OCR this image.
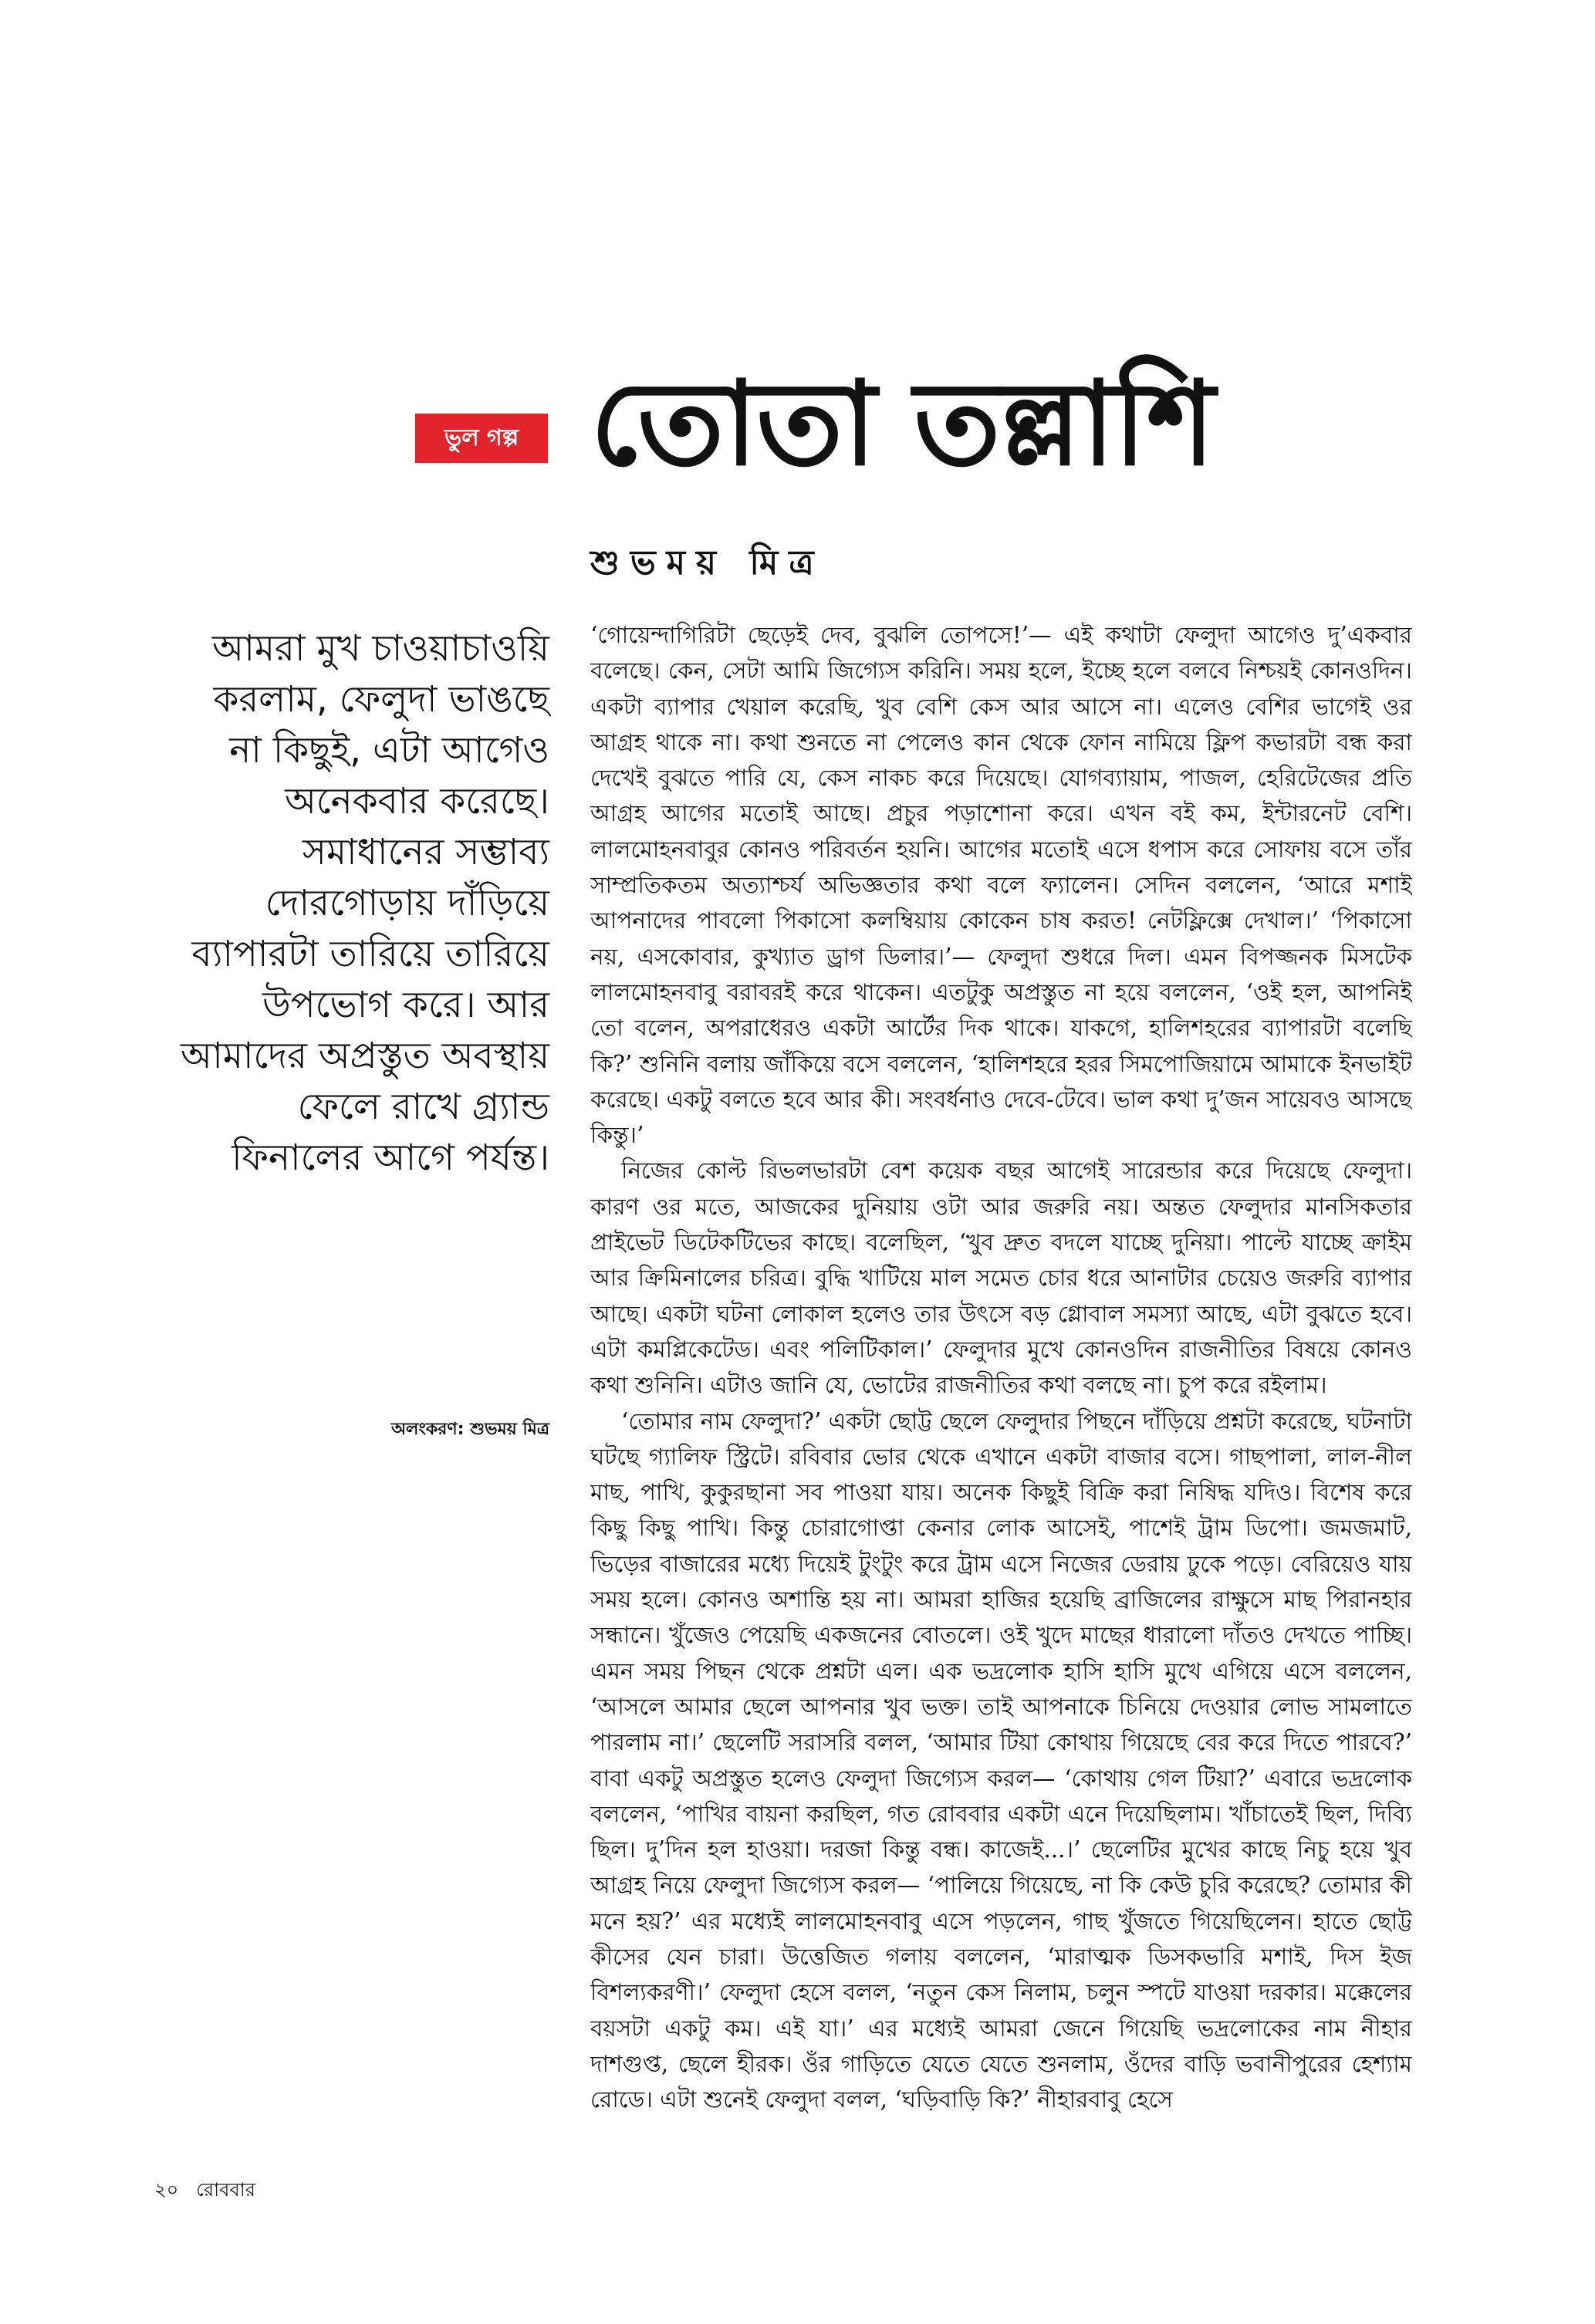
ভুল গল্প তোতা তল্লাশি
শুভময় মিত্র
আমরা মুখ চাওয়াচাওয়ি করলাম, ফেলুদা ভাঙছে না কিছুই, এটা আগেও অনেকবার করেছে। সমাধানের সম্ভাব্য দোরগোড়ায় দাঁড়িয়ে ব্যাপারটা তারিয়ে তারিয়ে উপভোগ করে। আর আমাদের অপ্রস্তুত অবস্থায় ফেলে রাখে গ্র্যান্ড ফিনালের আগে পর্যন্ত।
অলংকরণ: শুভময় মিত্র

‘গোয়েন্দাগিরিটা ছেড়েই দেব, বুঝলি তোপসে!’— এই কথাটা ফেলুদা আগেও দু’একবার বলেছে। কেন, সেটা আমি জিগ্যেস করিনি। সময় হলে, ইচ্ছে হলে বলবে নিশ্চয়ই কোনওদিন। একটা ব্যাপার খেয়াল করেছি, খুব বেশি কেস আর আসে না। এলেও বেশির ভাগেই ওর আগ্রহ থাকে না। কথা শুনতে না পেলেও কান থেকে ফোন নামিয়ে ফ্লিপ কভারটা বন্ধ করা দেখেই বুঝতে পারি যে, কেস নাকচ করে দিয়েছে। যোগব্যায়াম, পাজল, হেরিটেজের প্রতি আগ্রহ আগের মতোই আছে। প্রচুর পড়াশোনা করে। এখন বই কম, ইন্টারনেট বেশি। লালমোহনবাবুর কোনও পরিবর্তন হয়নি। আগের মতোই এসে ধপাস করে সোফায় বসে তাঁর সাম্প্রতিকতম অত্যাশ্চর্য অভিজ্ঞতার কথা বলে ফ্যালেন। সেদিন বললেন, ‘আরে মশাই আপনাদের পাবলো পিকাসো কলম্বিয়ায় কোকেন চাষ করত! নেটফ্লিক্সে দেখাল।’ ‘পিকাসো নয়, এসকোবার, কুখ্যাত ড্রাগ ডিলার।’— ফেলুদা শুধরে দিল। এমন বিপজ্জনক মিসটেক লালমোহনবাবু বরাবরই করে থাকেন। এতটুকু অপ্রস্তুত না হয়ে বললেন, ‘ওই হল, আপনিই তো বলেন, অপরাধেরও একটা আর্টের দিক থাকে। যাকগে, হালিশহরের ব্যাপারটা বলেছি কি?’ শুনিনি বলায় জাঁকিয়ে বসে বললেন, ‘হালিশহরে হরর সিমপোজিয়ামে আমাকে ইনভাইট করেছে। একটু বলতে হবে আর কী। সংবর্ধনাও দেবে-টেবে। ভাল কথা দু’জন সায়েবও আসছে কিন্তু।’

নিজের কোল্ট রিভলভারটা বেশ কয়েক বছর আগেই সারেন্ডার করে দিয়েছে ফেলুদা। কারণ ওর মতে, আজকের দুনিয়ায় ওটা আর জরুরি নয়। অন্তত ফেলুদার মানসিকতার প্রাইভেট ডিটেকটিভের কাছে। বলেছিল, ‘খুব দ্রুত বদলে যাচ্ছে দুনিয়া। পাল্টে যাচ্ছে ক্রাইম আর ক্রিমিনালের চরিত্র। বুদ্ধি খাটিয়ে মাল সমেত চোর ধরে আনাটার চেয়েও জরুরি ব্যাপার আছে। একটা ঘটনা লোকাল হলেও তার উৎসে বড় গ্লোবাল সমস্যা আছে, এটা বুঝতে হবে। এটা কমপ্লিকেটেড। এবং পলিটিকাল।’ ফেলুদার মুখে কোনওদিন রাজনীতির বিষয়ে কোনও কথা শুনিনি। এটাও জানি যে, ভোটের রাজনীতির কথা বলছে না। চুপ করে রইলাম।

‘তোমার নাম ফেলুদা?’ একটা ছোট্ট ছেলে ফেলুদার পিছনে দাঁড়িয়ে প্রশ্নটা করেছে, ঘটনাটা ঘটছে গ্যালিফ স্ট্রিটে। রবিবার ভোর থেকে এখানে একটা বাজার বসে। গাছপালা, লাল-নীল মাছ, পাখি, কুকুরছানা সব পাওয়া যায়। অনেক কিছুই বিক্রি করা নিষিদ্ধ যদিও। বিশেষ করে কিছু কিছু পাখি। কিন্তু চোরাগোপ্তা কেনার লোক আসেই, পাশেই ট্রাম ডিপো। জমজমাট, ভিড়ের বাজারের মধ্যে দিয়েই টুংটুং করে ট্রাম এসে নিজের ডেরায় ঢুকে পড়ে। বেরিয়েও যায় সময় হলে। কোনও অশান্তি হয় না। আমরা হাজির হয়েছি ব্রাজিলের রাক্ষুসে মাছ পিরানহার সন্ধানে। খুঁজেও পেয়েছি একজনের বোতলে। ওই খুদে মাছের ধারালো দাঁতও দেখতে পাচ্ছি। এমন সময় পিছন থেকে প্রশ্নটা এল। এক ভদ্রলোক হাসি হাসি মুখে এগিয়ে এসে বললেন, ‘আসলে আমার ছেলে আপনার খুব ভক্ত। তাই আপনাকে চিনিয়ে দেওয়ার লোভ সামলাতে পারলাম না।’ ছেলেটি সরাসরি বলল, ‘আমার টিয়া কোথায় গিয়েছে বের করে দিতে পারবে?’ বাবা একটু অপ্রস্তুত হলেও ফেলুদা জিগ্যেস করল— ‘কোথায় গেল টিয়া?’ এবারে ভদ্রলোক বললেন, ‘পাখির বায়না করছিল, গত রোববার একটা এনে দিয়েছিলাম। খাঁচাতেই ছিল, দিব্যি ছিল। দু’দিন হল হাওয়া। দরজা কিন্তু বন্ধ। কাজেই...।’ ছেলেটির মুখের কাছে নিচু হয়ে খুব আগ্রহ নিয়ে ফেলুদা জিগ্যেস করল— ‘পালিয়ে গিয়েছে, না কি কেউ চুরি করেছে? তোমার কী মনে হয়?’ এর মধ্যেই লালমোহনবাবু এসে পড়লেন, গাছ খুঁজতে গিয়েছিলেন। হাতে ছোট্ট কীসের যেন চারা। উত্তেজিত গলায় বললেন, ‘মারাত্মক ডিসকভারি মশাই, দিস ইজ বিশল্যকরণী।’ ফেলুদা হেসে বলল, ‘নতুন কেস নিলাম, চলুন স্পটে যাওয়া দরকার। মক্কেলের বয়সটা একটু কম। এই যা।’ এর মধ্যেই আমরা জেনে গিয়েছি ভদ্রলোকের নাম নীহার দাশগুপ্ত, ছেলে হীরক। ওঁর গাড়িতে যেতে যেতে শুনলাম, ওঁদের বাড়ি ভবানীপুরের হেশ্যাম রোডে। এটা শুনেই ফেলুদা বলল, ‘ঘড়িবাড়ি কি?’ নীহারবাবু হেসে

২০ রোববার
